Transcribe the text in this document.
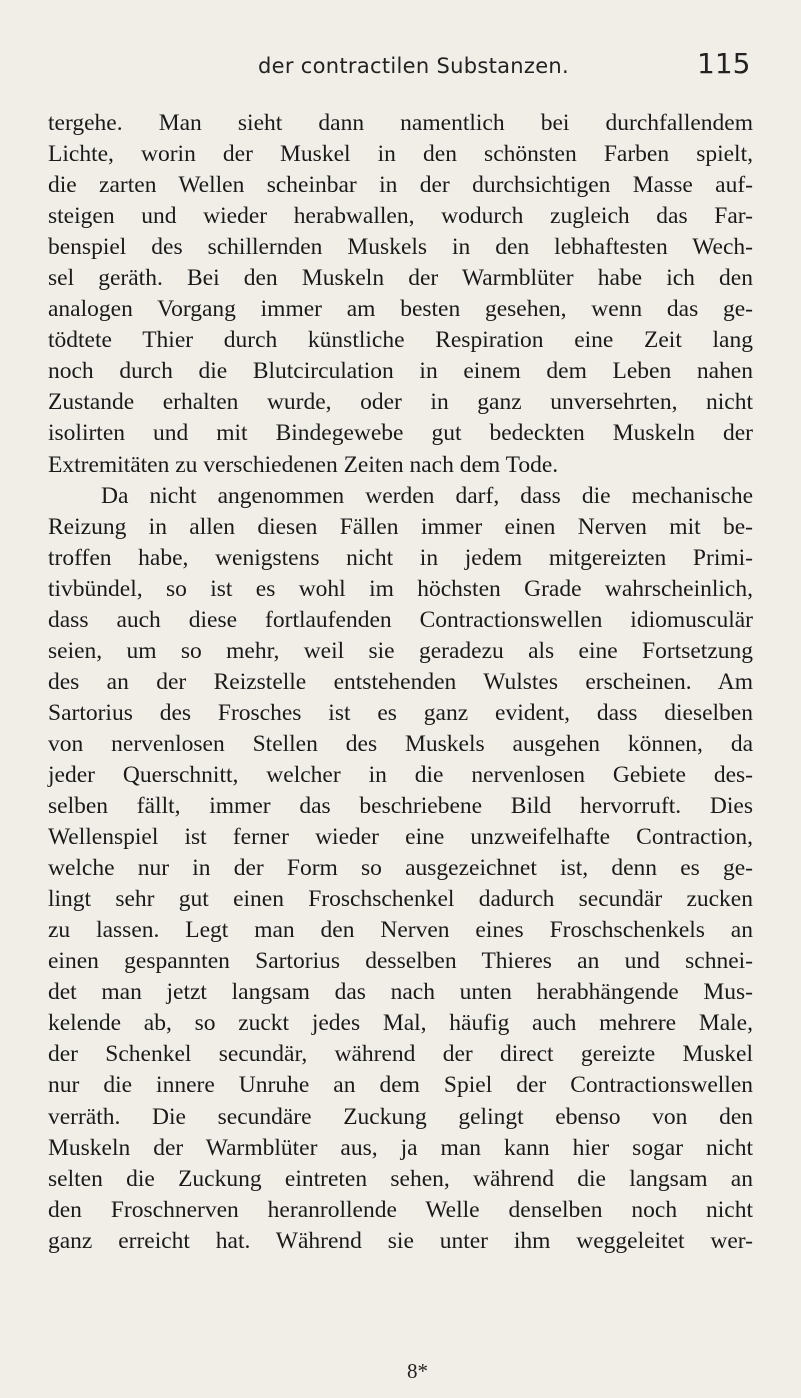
der contractilen Substanzen.	115
tergehe. Man sieht dann namentlich bei durchfallendem
Lichte, worin der Muskel in den schönsten Farben spielt,
die zarten Wellen scheinbar in der durchsichtigen Masse auf-
steigen und wieder herabwallen, wodurch zugleich das Far-
benspiel des schillernden Muskels in den lebhaftesten Wech-
sel geräth. Bei den Muskeln der Warmblüter habe ich den
analogen Vorgang immer am besten gesehen, wenn das ge-
tödtete Thier durch künstliche Respiration eine Zeit lang
noch durch die Blutcirculation in einem dem Leben nahen
Zustande erhalten wurde, oder in ganz unversehrten, nicht
isolirten und mit Bindegewebe gut bedeckten Muskeln der
Extremitäten zu verschiedenen Zeiten nach dem Tode.
Da nicht angenommen werden darf, dass die mechanische
Reizung in allen diesen Fällen immer einen Nerven mit be-
troffen habe, wenigstens nicht in jedem mitgereizten Primi-
tivbündel, so ist es wohl im höchsten Grade wahrscheinlich,
dass auch diese fortlaufenden Contractionswellen idiomusculär
seien, um so mehr, weil sie geradezu als eine Fortsetzung
des an der Reizstelle entstehenden Wulstes erscheinen. Am
Sartorius des Frosches ist es ganz evident, dass dieselben
von nervenlosen Stellen des Muskels ausgehen können, da
jeder Querschnitt, welcher in die nervenlosen Gebiete des-
selben fällt, immer das beschriebene Bild hervorruft. Dies
Wellenspiel ist ferner wieder eine unzweifelhafte Contraction,
welche nur in der Form so ausgezeichnet ist, denn es ge-
lingt sehr gut einen Froschschenkel dadurch secundär zucken
zu lassen. Legt man den Nerven eines Froschschenkels an
einen gespannten Sartorius desselben Thieres an und schnei-
det man jetzt langsam das nach unten herabhängende Mus-
kelende ab, so zuckt jedes Mal, häufig auch mehrere Male,
der Schenkel secundär, während der direct gereizte Muskel
nur die innere Unruhe an dem Spiel der Contractionswellen
verräth. Die secundäre Zuckung gelingt ebenso von den
Muskeln der Warmblüter aus, ja man kann hier sogar nicht
selten die Zuckung eintreten sehen, während die langsam an
den Froschnerven heranrollende Welle denselben noch nicht
ganz erreicht hat. Während sie unter ihm weggeleitet wer-
8*
